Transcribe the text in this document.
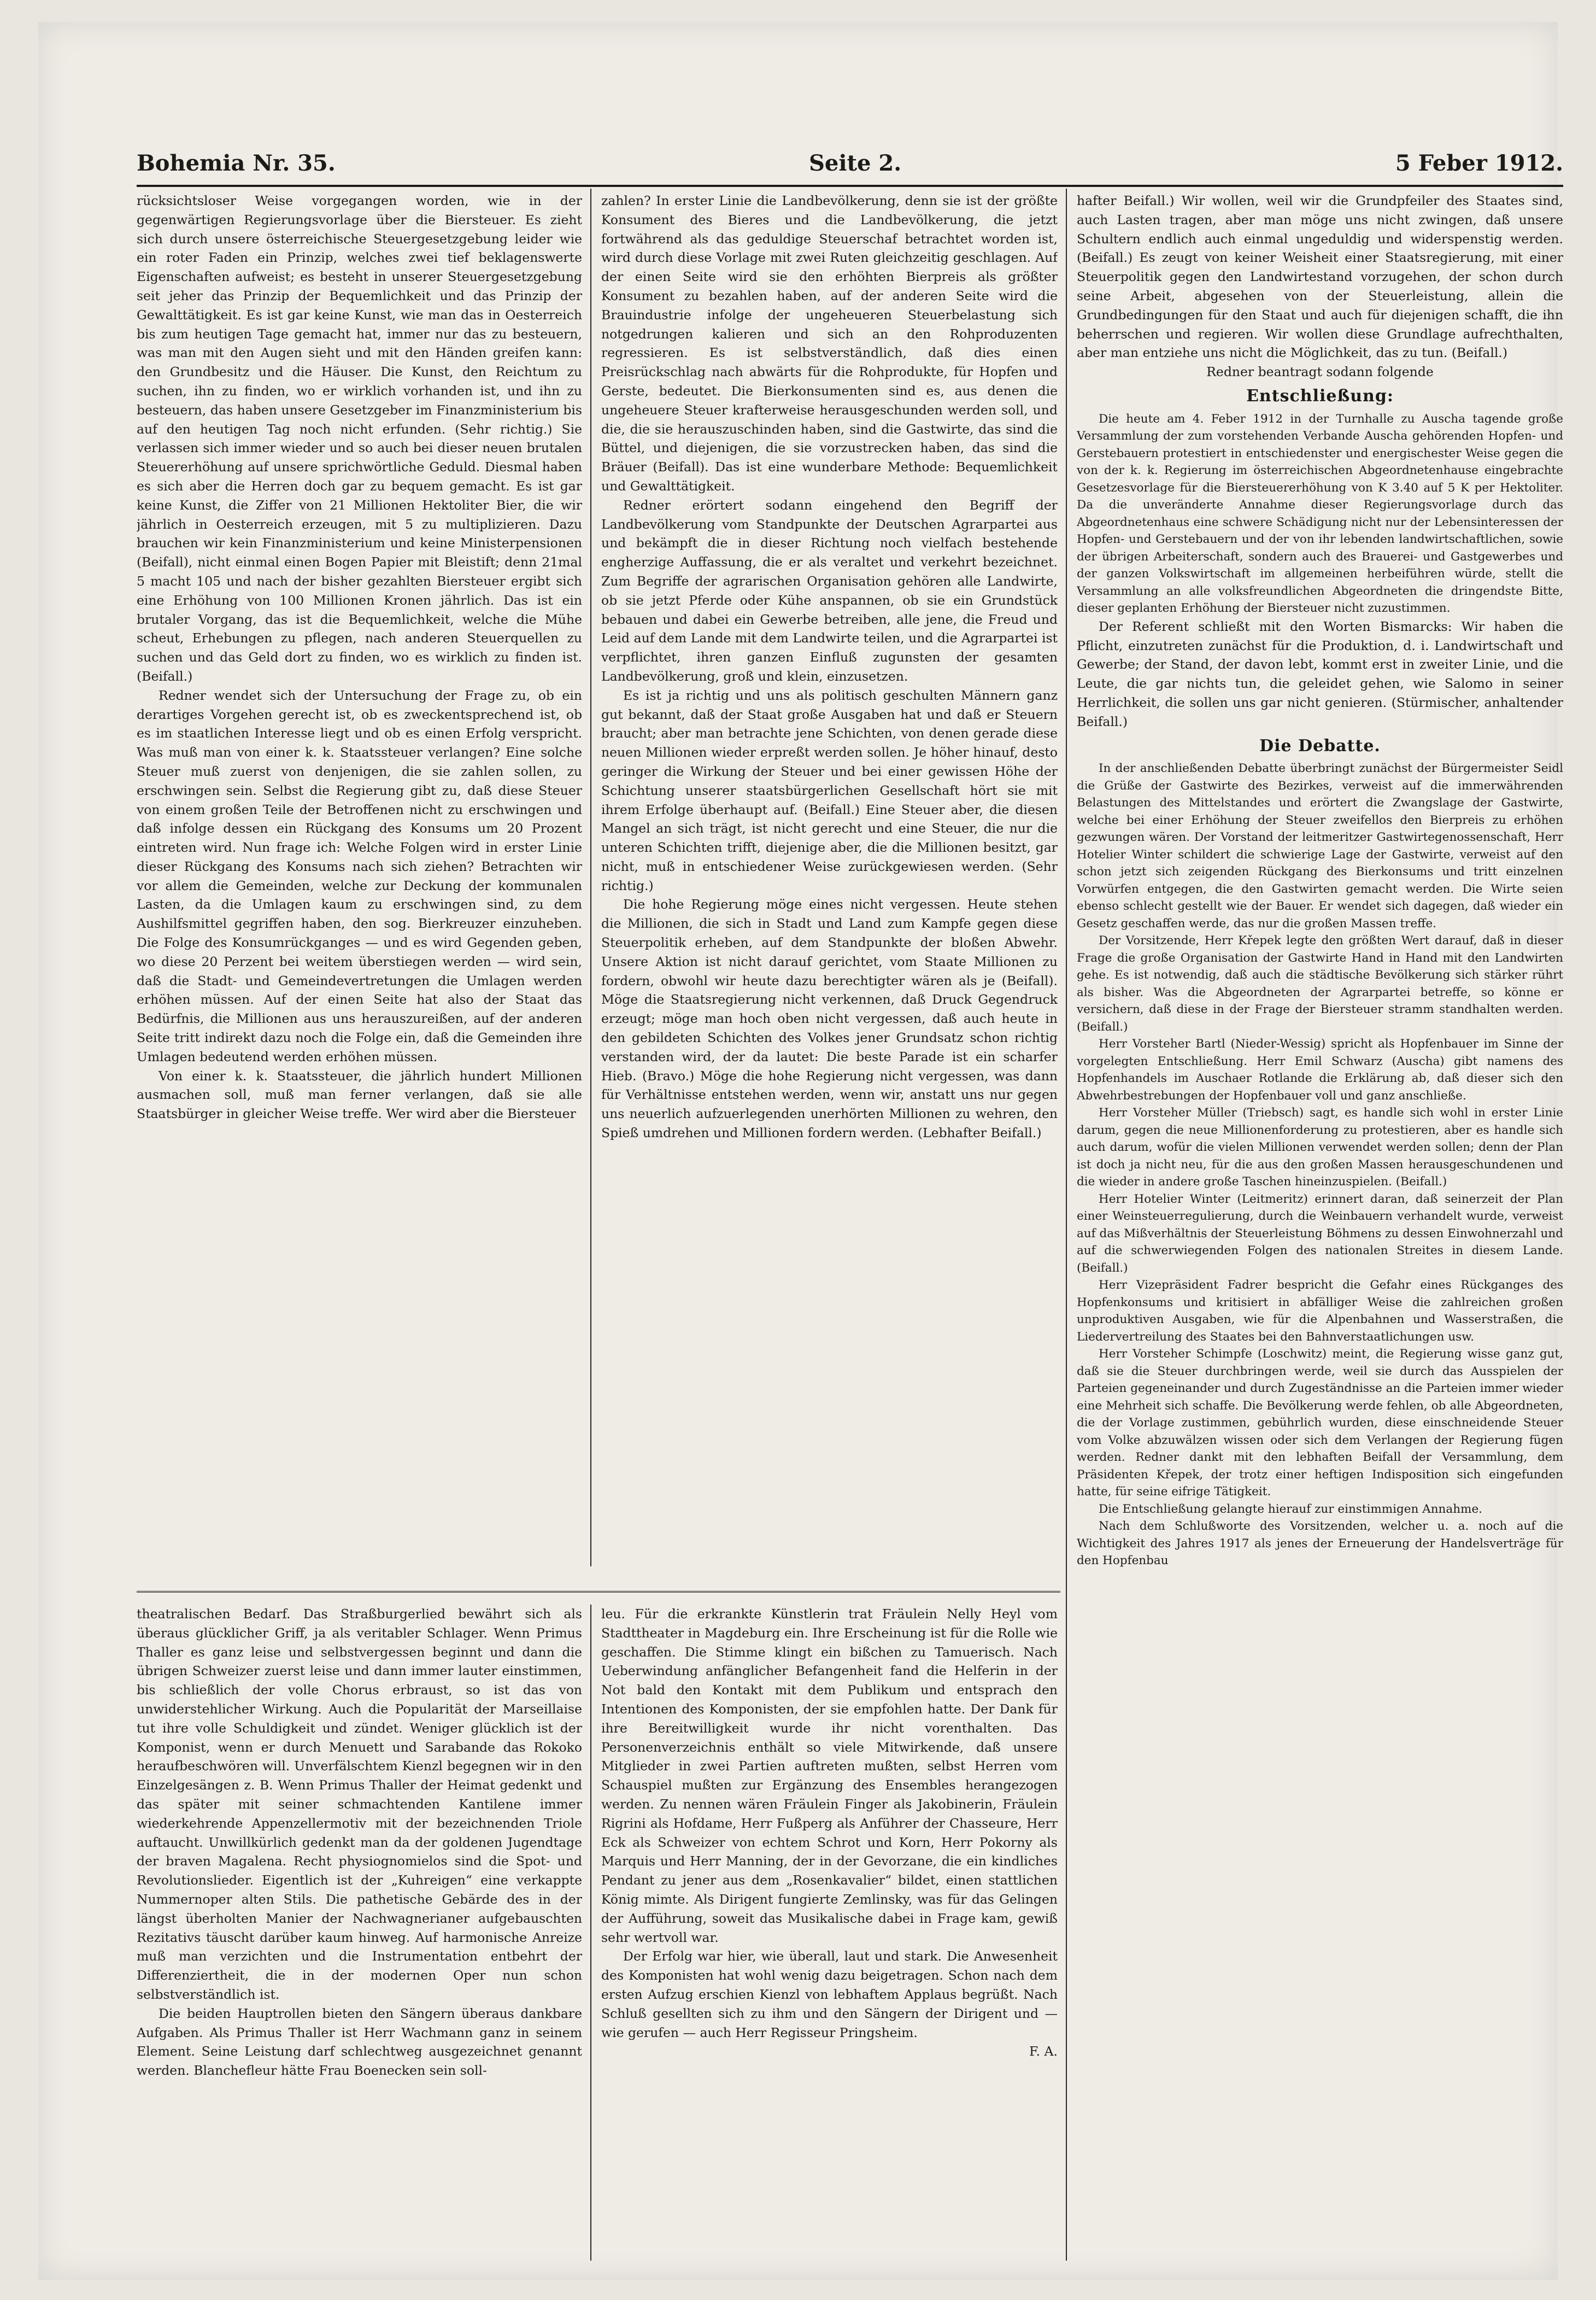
Bohemia Nr. 35.	Seite 2.	5 Feber 1912.

rücksichtsloser Weise vorgegangen worden, wie in der gegenwärtigen Regierungsvorlage über die Biersteuer. Es zieht sich durch unsere österreichische Steuergesetzgebung leider wie ein roter Faden ein Prinzip, welches zwei tief beklagenswerte Eigenschaften aufweist; es besteht in unserer Steuergesetzgebung seit jeher das Prinzip der Bequemlichkeit und das Prinzip der Gewalttätigkeit. Es ist gar keine Kunst, wie man das in Oesterreich bis zum heutigen Tage gemacht hat, immer nur das zu besteuern, was man mit den Augen sieht und mit den Händen greifen kann: den Grundbesitz und die Häuser. Die Kunst, den Reichtum zu suchen, ihn zu finden, wo er wirklich vorhanden ist, und ihn zu besteuern, das haben unsere Gesetzgeber im Finanzministerium bis auf den heutigen Tag noch nicht erfunden. (Sehr richtig.) Sie verlassen sich immer wieder und so auch bei dieser neuen brutalen Steuererhöhung auf unsere sprichwörtliche Geduld. Diesmal haben es sich aber die Herren doch gar zu bequem gemacht. Es ist gar keine Kunst, die Ziffer von 21 Millionen Hektoliter Bier, die wir jährlich in Oesterreich erzeugen, mit 5 zu multiplizieren. Dazu brauchen wir kein Finanzministerium und keine Ministerpensionen (Beifall), nicht einmal einen Bogen Papier mit Bleistift; denn 21mal 5 macht 105 und nach der bisher gezahlten Biersteuer ergibt sich eine Erhöhung von 100 Millionen Kronen jährlich. Das ist ein brutaler Vorgang, das ist die Bequemlichkeit, welche die Mühe scheut, Erhebungen zu pflegen, nach anderen Steuerquellen zu suchen und das Geld dort zu finden, wo es wirklich zu finden ist. (Beifall.)

Redner wendet sich der Untersuchung der Frage zu, ob ein derartiges Vorgehen gerecht ist, ob es zweckentsprechend ist, ob es im staatlichen Interesse liegt und ob es einen Erfolg verspricht. Was muß man von einer k. k. Staatssteuer verlangen? Eine solche Steuer muß zuerst von denjenigen, die sie zahlen sollen, zu erschwingen sein. Selbst die Regierung gibt zu, daß diese Steuer von einem großen Teile der Betroffenen nicht zu erschwingen und daß infolge dessen ein Rückgang des Konsums um 20 Prozent eintreten wird. Nun frage ich: Welche Folgen wird in erster Linie dieser Rückgang des Konsums nach sich ziehen? Betrachten wir vor allem die Gemeinden, welche zur Deckung der kommunalen Lasten, da die Umlagen kaum zu erschwingen sind, zu dem Aushilfsmittel gegriffen haben, den sog. Bierkreuzer einzuheben. Die Folge des Konsumrückganges — und es wird Gegenden geben, wo diese 20 Perzent bei weitem überstiegen werden — wird sein, daß die Stadt- und Gemeindevertretungen die Umlagen werden erhöhen müssen. Auf der einen Seite hat also der Staat das Bedürfnis, die Millionen aus uns herauszureißen, auf der anderen Seite tritt indirekt dazu noch die Folge ein, daß die Gemeinden ihre Umlagen bedeutend werden erhöhen müssen.

Von einer k. k. Staatssteuer, die jährlich hundert Millionen ausmachen soll, muß man ferner verlangen, daß sie alle Staatsbürger in gleicher Weise treffe. Wer wird aber die Biersteuer

zahlen? In erster Linie die Landbevölkerung, denn sie ist der größte Konsument des Bieres und die Landbevölkerung, die jetzt fortwährend als das geduldige Steuerschaf betrachtet worden ist, wird durch diese Vorlage mit zwei Ruten gleichzeitig geschlagen. Auf der einen Seite wird sie den erhöhten Bierpreis als größter Konsument zu bezahlen haben, auf der anderen Seite wird die Brauindustrie infolge der ungeheueren Steuerbelastung sich notgedrungen kalieren und sich an den Rohproduzenten regressieren. Es ist selbstverständlich, daß dies einen Preisrückschlag nach abwärts für die Rohprodukte, für Hopfen und Gerste, bedeutet. Die Bierkonsumenten sind es, aus denen die ungeheuere Steuer krafterweise herausgeschunden werden soll, und die, die sie herauszuschinden haben, sind die Gastwirte, das sind die Büttel, und diejenigen, die sie vorzustrecken haben, das sind die Bräuer (Beifall). Das ist eine wunderbare Methode: Bequemlichkeit und Gewalttätigkeit.

Redner erörtert sodann eingehend den Begriff der Landbevölkerung vom Standpunkte der Deutschen Agrarpartei aus und bekämpft die in dieser Richtung noch vielfach bestehende engherzige Auffassung, die er als veraltet und verkehrt bezeichnet. Zum Begriffe der agrarischen Organisation gehören alle Landwirte, ob sie jetzt Pferde oder Kühe anspannen, ob sie ein Grundstück bebauen und dabei ein Gewerbe betreiben, alle jene, die Freud und Leid auf dem Lande mit dem Landwirte teilen, und die Agrarpartei ist verpflichtet, ihren ganzen Einfluß zugunsten der gesamten Landbevölkerung, groß und klein, einzusetzen.

Es ist ja richtig und uns als politisch geschulten Männern ganz gut bekannt, daß der Staat große Ausgaben hat und daß er Steuern braucht; aber man betrachte jene Schichten, von denen gerade diese neuen Millionen wieder erpreßt werden sollen. Je höher hinauf, desto geringer die Wirkung der Steuer und bei einer gewissen Höhe der Schichtung unserer staatsbürgerlichen Gesellschaft hört sie mit ihrem Erfolge überhaupt auf. (Beifall.) Eine Steuer aber, die diesen Mangel an sich trägt, ist nicht gerecht und eine Steuer, die nur die unteren Schichten trifft, diejenige aber, die die Millionen besitzt, gar nicht, muß in entschiedener Weise zurückgewiesen werden. (Sehr richtig.)

Die hohe Regierung möge eines nicht vergessen. Heute stehen die Millionen, die sich in Stadt und Land zum Kampfe gegen diese Steuerpolitik erheben, auf dem Standpunkte der bloßen Abwehr. Unsere Aktion ist nicht darauf gerichtet, vom Staate Millionen zu fordern, obwohl wir heute dazu berechtigter wären als je (Beifall). Möge die Staatsregierung nicht verkennen, daß Druck Gegendruck erzeugt; möge man hoch oben nicht vergessen, daß auch heute in den gebildeten Schichten des Volkes jener Grundsatz schon richtig verstanden wird, der da lautet: Die beste Parade ist ein scharfer Hieb. (Bravo.) Möge die hohe Regierung nicht vergessen, was dann für Verhältnisse entstehen werden, wenn wir, anstatt uns nur gegen uns neuerlich aufzuerlegenden unerhörten Millionen zu wehren, den Spieß umdrehen und Millionen fordern werden. (Lebhafter Beifall.)

hafter Beifall.) Wir wollen, weil wir die Grundpfeiler des Staates sind, auch Lasten tragen, aber man möge uns nicht zwingen, daß unsere Schultern endlich auch einmal ungeduldig und widerspenstig werden. (Beifall.) Es zeugt von keiner Weisheit einer Staatsregierung, mit einer Steuerpolitik gegen den Landwirtestand vorzugehen, der schon durch seine Arbeit, abgesehen von der Steuerleistung, allein die Grundbedingungen für den Staat und auch für diejenigen schafft, die ihn beherrschen und regieren. Wir wollen diese Grundlage aufrechthalten, aber man entziehe uns nicht die Möglichkeit, das zu tun. (Beifall.)

Redner beantragt sodann folgende

Entschließung:

Die heute am 4. Feber 1912 in der Turnhalle zu Auscha tagende große Versammlung der zum vorstehenden Verbande Auscha gehörenden Hopfen- und Gerstebauern protestiert in entschiedenster und energischester Weise gegen die von der k. k. Regierung im österreichischen Abgeordnetenhause eingebrachte Gesetzesvorlage für die Biersteuererhöhung von K 3.40 auf 5 K per Hektoliter. Da die unveränderte Annahme dieser Regierungsvorlage durch das Abgeordnetenhaus eine schwere Schädigung nicht nur der Lebensinteressen der Hopfen- und Gerstebauern und der von ihr lebenden landwirtschaftlichen, sowie der übrigen Arbeiterschaft, sondern auch des Brauerei- und Gastgewerbes und der ganzen Volkswirtschaft im allgemeinen herbeiführen würde, stellt die Versammlung an alle volksfreundlichen Abgeordneten die dringendste Bitte, dieser geplanten Erhöhung der Biersteuer nicht zuzustimmen.

Der Referent schließt mit den Worten Bismarcks: Wir haben die Pflicht, einzutreten zunächst für die Produktion, d. i. Landwirtschaft und Gewerbe; der Stand, der davon lebt, kommt erst in zweiter Linie, und die Leute, die gar nichts tun, die geleidet gehen, wie Salomo in seiner Herrlichkeit, die sollen uns gar nicht genieren. (Stürmischer, anhaltender Beifall.)

Die Debatte.

In der anschließenden Debatte überbringt zunächst der Bürgermeister Seidl die Grüße der Gastwirte des Bezirkes, verweist auf die immerwährenden Belastungen des Mittelstandes und erörtert die Zwangslage der Gastwirte, welche bei einer Erhöhung der Steuer zweifellos den Bierpreis zu erhöhen gezwungen wären. Der Vorstand der leitmeritzer Gastwirtegenossenschaft, Herr Hotelier Winter schildert die schwierige Lage der Gastwirte, verweist auf den schon jetzt sich zeigenden Rückgang des Bierkonsums und tritt einzelnen Vorwürfen entgegen, die den Gastwirten gemacht werden. Die Wirte seien ebenso schlecht gestellt wie der Bauer. Er wendet sich dagegen, daß wieder ein Gesetz geschaffen werde, das nur die großen Massen treffe.

Der Vorsitzende, Herr Křepek legte den größten Wert darauf, daß in dieser Frage die große Organisation der Gastwirte Hand in Hand mit den Landwirten gehe. Es ist notwendig, daß auch die städtische Bevölkerung sich stärker rührt als bisher. Was die Abgeordneten der Agrarpartei betreffe, so könne er versichern, daß diese in der Frage der Biersteuer stramm standhalten werden. (Beifall.)

Herr Vorsteher Bartl (Nieder-Wessig) spricht als Hopfenbauer im Sinne der vorgelegten Entschließung. Herr Emil Schwarz (Auscha) gibt namens des Hopfenhandels im Auschaer Rotlande die Erklärung ab, daß dieser sich den Abwehrbestrebungen der Hopfenbauer voll und ganz anschließe.

Herr Vorsteher Müller (Triebsch) sagt, es handle sich wohl in erster Linie darum, gegen die neue Millionenforderung zu protestieren, aber es handle sich auch darum, wofür die vielen Millionen verwendet werden sollen; denn der Plan ist doch ja nicht neu, für die aus den großen Massen herausgeschundenen und die wieder in andere große Taschen hineinzuspielen. (Beifall.)

Herr Hotelier Winter (Leitmeritz) erinnert daran, daß seinerzeit der Plan einer Weinsteuerregulierung, durch die Weinbauern verhandelt wurde, verweist auf das Mißverhältnis der Steuerleistung Böhmens zu dessen Einwohnerzahl und auf die schwerwiegenden Folgen des nationalen Streites in diesem Lande. (Beifall.)

Herr Vizepräsident Fadrer bespricht die Gefahr eines Rückganges des Hopfenkonsums und kritisiert in abfälliger Weise die zahlreichen großen unproduktiven Ausgaben, wie für die Alpenbahnen und Wasserstraßen, die Liedervertreilung des Staates bei den Bahnverstaatlichungen usw.

Herr Vorsteher Schimpfe (Loschwitz) meint, die Regierung wisse ganz gut, daß sie die Steuer durchbringen werde, weil sie durch das Ausspielen der Parteien gegeneinander und durch Zugeständnisse an die Parteien immer wieder eine Mehrheit sich schaffe. Die Bevölkerung werde fehlen, ob alle Abgeordneten, die der Vorlage zustimmen, gebührlich wurden, diese einschneidende Steuer vom Volke abzuwälzen wissen oder sich dem Verlangen der Regierung fügen werden. Redner dankt mit den lebhaften Beifall der Versammlung, dem Präsidenten Křepek, der trotz einer heftigen Indisposition sich eingefunden hatte, für seine eifrige Tätigkeit.

Die Entschließung gelangte hierauf zur einstimmigen Annahme.

Nach dem Schlußworte des Vorsitzenden, welcher u. a. noch auf die Wichtigkeit des Jahres 1917 als jenes der Erneuerung der Handelsverträge für den Hopfenbau

theatralischen Bedarf. Das Straßburgerlied bewährt sich als überaus glücklicher Griff, ja als veritabler Schlager. Wenn Primus Thaller es ganz leise und selbstvergessen beginnt und dann die übrigen Schweizer zuerst leise und dann immer lauter einstimmen, bis schließlich der volle Chorus erbraust, so ist das von unwiderstehlicher Wirkung. Auch die Popularität der Marseillaise tut ihre volle Schuldigkeit und zündet. Weniger glücklich ist der Komponist, wenn er durch Menuett und Sarabande das Rokoko heraufbeschwören will. Unverfälschtem Kienzl begegnen wir in den Einzelgesängen z. B. Wenn Primus Thaller der Heimat gedenkt und das später mit seiner schmachtenden Kantilene immer wiederkehrende Appenzellermotiv mit der bezeichnenden Triole auftaucht. Unwillkürlich gedenkt man da der goldenen Jugendtage der braven Magalena. Recht physiognomielos sind die Spot- und Revolutionslieder. Eigentlich ist der „Kuhreigen“ eine verkappte Nummernoper alten Stils. Die pathetische Gebärde des in der längst überholten Manier der Nachwagnerianer aufgebauschten Rezitativs täuscht darüber kaum hinweg. Auf harmonische Anreize muß man verzichten und die Instrumentation entbehrt der Differenziertheit, die in der modernen Oper nun schon selbstverständlich ist.

Die beiden Hauptrollen bieten den Sängern überaus dankbare Aufgaben. Als Primus Thaller ist Herr Wachmann ganz in seinem Element. Seine Leistung darf schlechtweg ausgezeichnet genannt werden. Blanchefleur hätte Frau Boenecken sein soll-

leu. Für die erkrankte Künstlerin trat Fräulein Nelly Heyl vom Stadttheater in Magdeburg ein. Ihre Erscheinung ist für die Rolle wie geschaffen. Die Stimme klingt ein bißchen zu Tamuerisch. Nach Ueberwindung anfänglicher Befangenheit fand die Helferin in der Not bald den Kontakt mit dem Publikum und entsprach den Intentionen des Komponisten, der sie empfohlen hatte. Der Dank für ihre Bereitwilligkeit wurde ihr nicht vorenthalten. Das Personenverzeichnis enthält so viele Mitwirkende, daß unsere Mitglieder in zwei Partien auftreten mußten, selbst Herren vom Schauspiel mußten zur Ergänzung des Ensembles herangezogen werden. Zu nennen wären Fräulein Finger als Jakobinerin, Fräulein Rigrini als Hofdame, Herr Fußperg als Anführer der Chasseure, Herr Eck als Schweizer von echtem Schrot und Korn, Herr Pokorny als Marquis und Herr Manning, der in der Gevorzane, die ein kindliches Pendant zu jener aus dem „Rosenkavalier“ bildet, einen stattlichen König mimte. Als Dirigent fungierte Zemlinsky, was für das Gelingen der Aufführung, soweit das Musikalische dabei in Frage kam, gewiß sehr wertvoll war.

Der Erfolg war hier, wie überall, laut und stark. Die Anwesenheit des Komponisten hat wohl wenig dazu beigetragen. Schon nach dem ersten Aufzug erschien Kienzl von lebhaftem Applaus begrüßt. Nach Schluß gesellten sich zu ihm und den Sängern der Dirigent und — wie gerufen — auch Herr Regisseur Pringsheim.

F. A.
